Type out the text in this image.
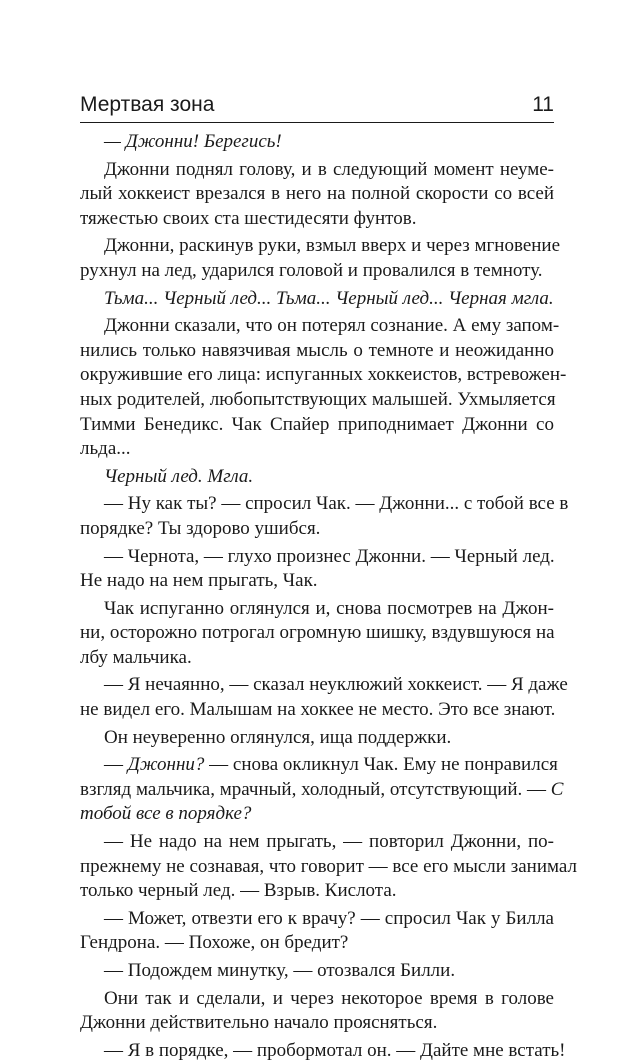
Мертвая зона	11
— Джонни! Берегись!
Джонни поднял голову, и в следующий момент неуме-
лый хоккеист врезался в него на полной скорости со всей
тяжестью своих ста шестидесяти фунтов.
Джонни, раскинув руки, взмыл вверх и через мгновение
рухнул на лед, ударился головой и провалился в темноту.
Тьма... Черный лед... Тьма... Черный лед... Черная мгла.
Джонни сказали, что он потерял сознание. А ему запом-
нились только навязчивая мысль о темноте и неожиданно
окружившие его лица: испуганных хоккеистов, встревожен-
ных родителей, любопытствующих малышей. Ухмыляется
Тимми Бенедикс. Чак Спайер приподнимает Джонни со
льда...
Черный лед. Мгла.
— Ну как ты? — спросил Чак. — Джонни... с тобой все в
порядке? Ты здорово ушибся.
— Чернота, — глухо произнес Джонни. — Черный лед.
Не надо на нем прыгать, Чак.
Чак испуганно оглянулся и, снова посмотрев на Джон-
ни, осторожно потрогал огромную шишку, вздувшуюся на
лбу мальчика.
— Я нечаянно, — сказал неуклюжий хоккеист. — Я даже
не видел его. Малышам на хоккее не место. Это все знают.
Он неуверенно оглянулся, ища поддержки.
— Джонни? — снова окликнул Чак. Ему не понравился
взгляд мальчика, мрачный, холодный, отсутствующий. — С
тобой все в порядке?
— Не надо на нем прыгать, — повторил Джонни, по-
прежнему не сознавая, что говорит — все его мысли занимал
только черный лед. — Взрыв. Кислота.
— Может, отвезти его к врачу? — спросил Чак у Билла
Гендрона. — Похоже, он бредит?
— Подождем минутку, — отозвался Билли.
Они так и сделали, и через некоторое время в голове
Джонни действительно начало проясняться.
— Я в порядке, — пробормотал он. — Дайте мне встать!
